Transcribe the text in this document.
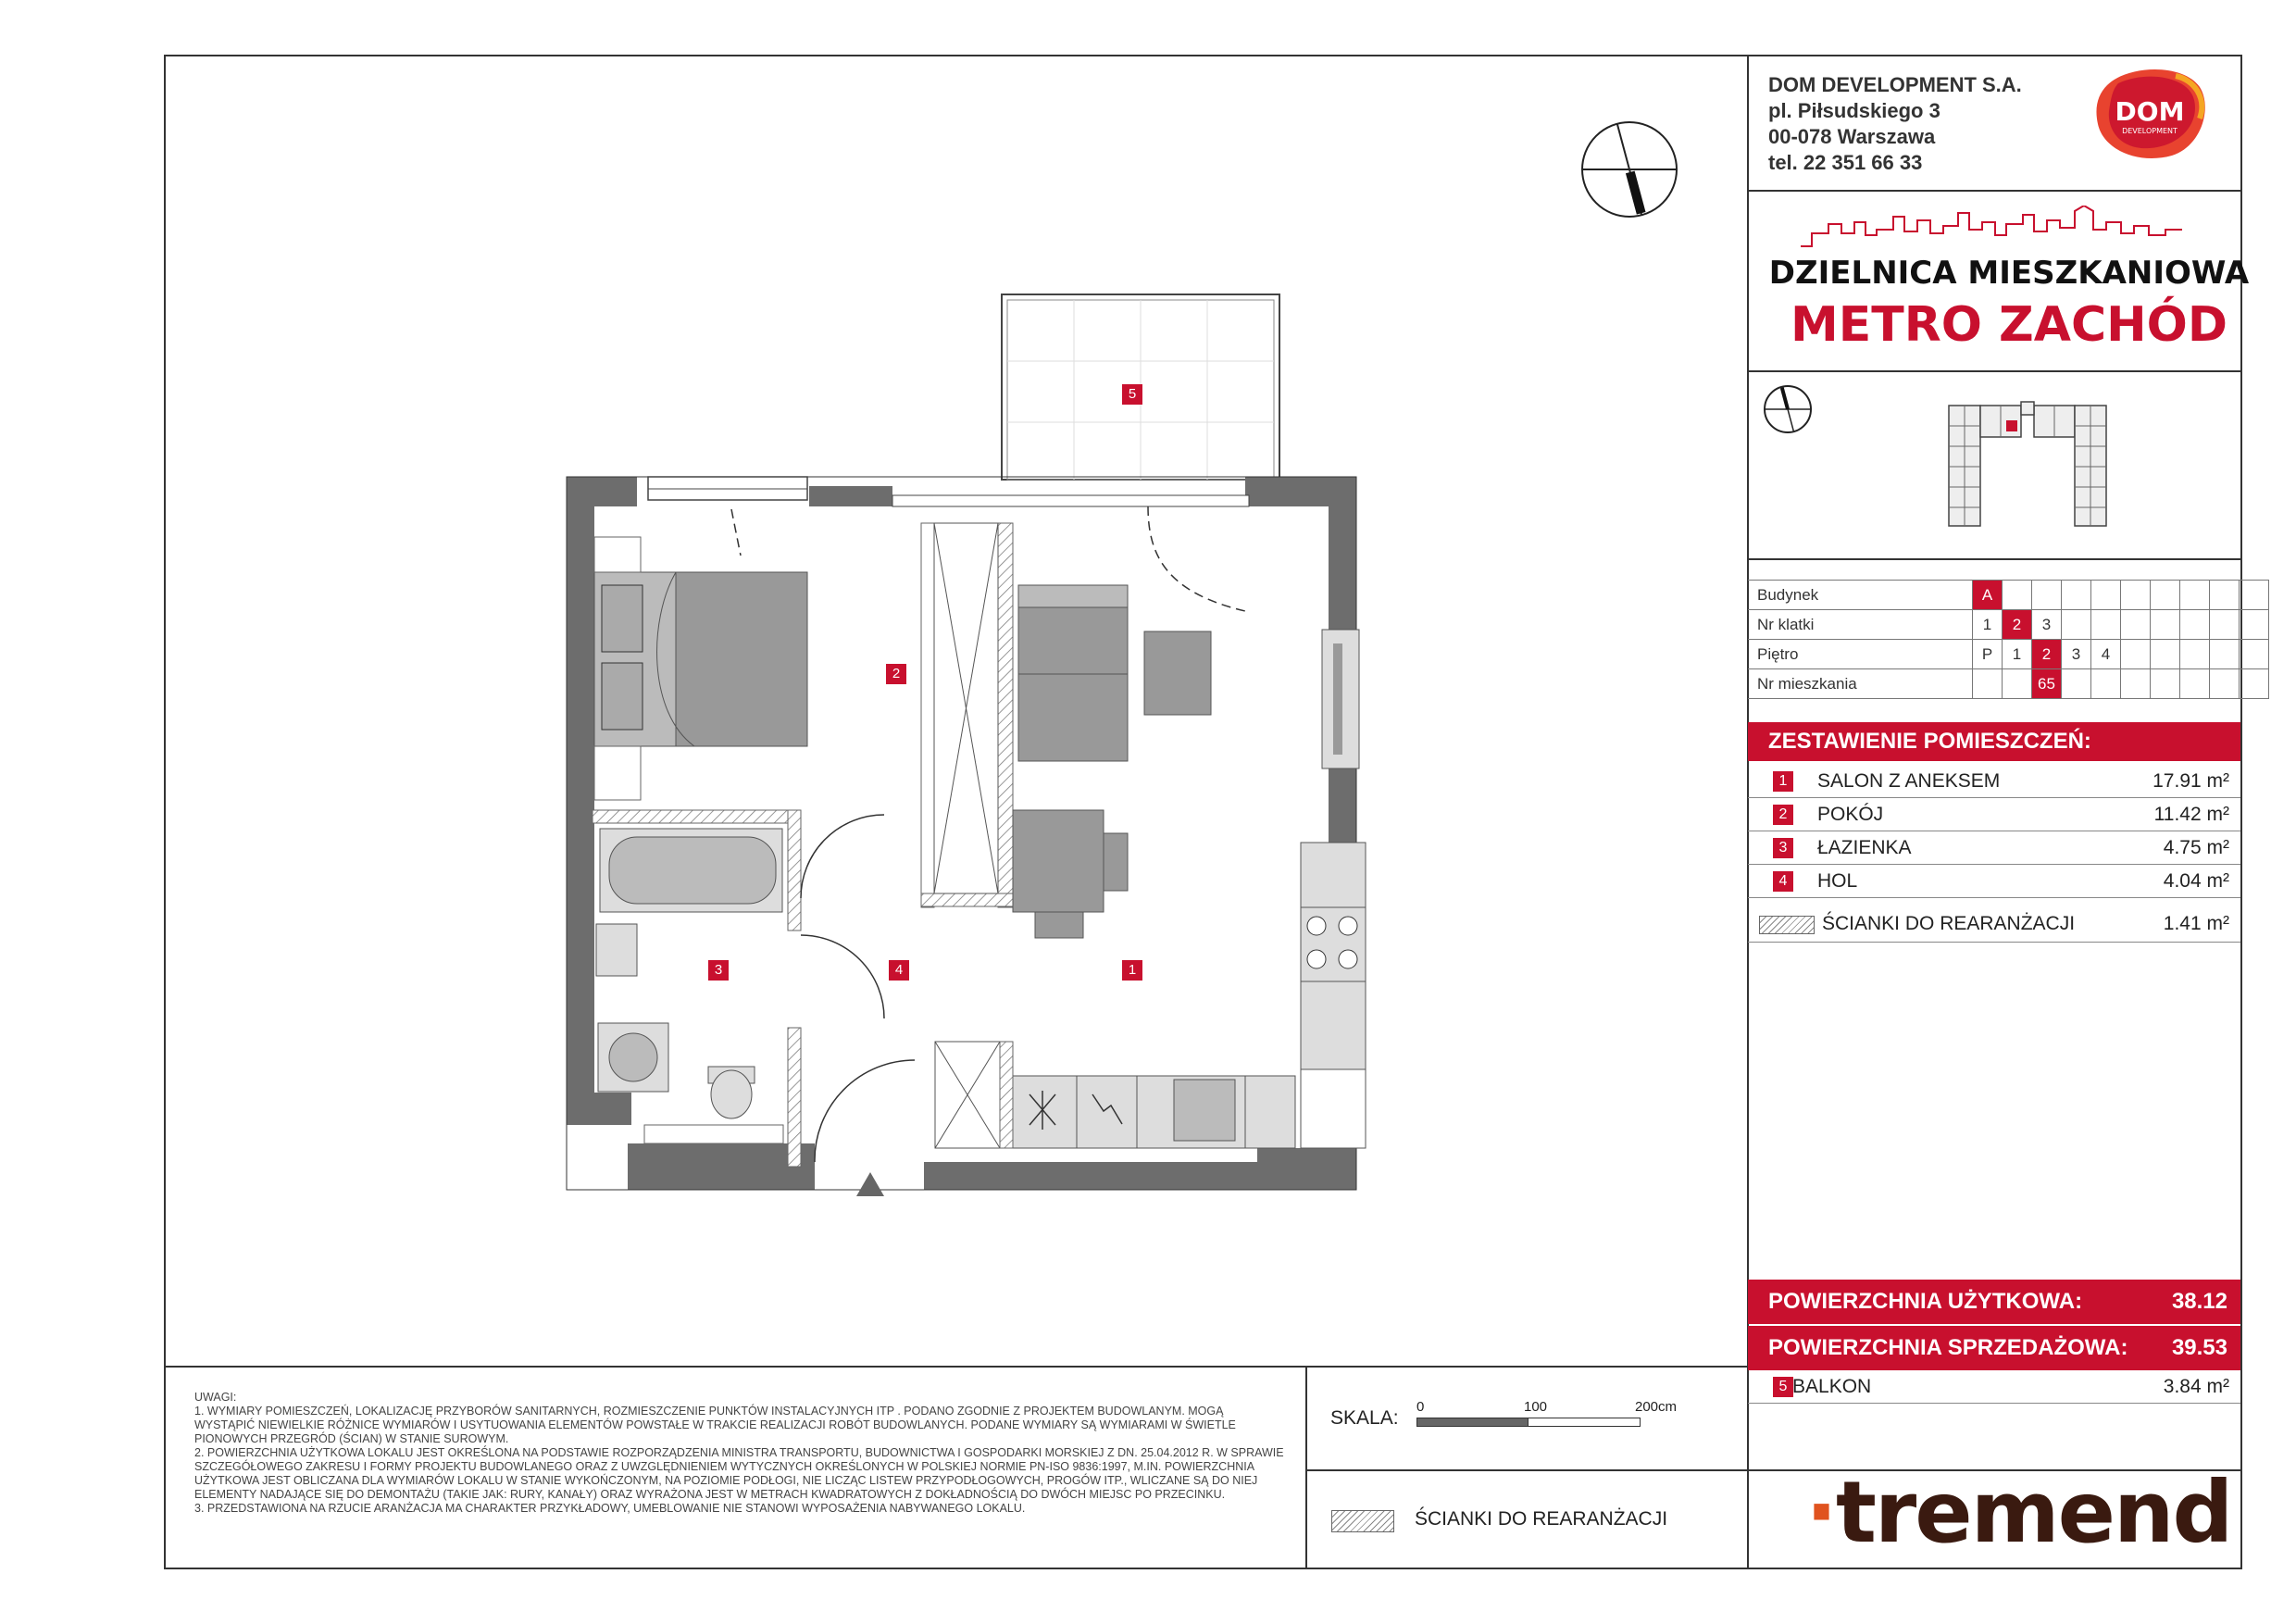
DOM DEVELOPMENT S.A.
pl. Piłsudskiego 3
00-078 Warszawa
tel. 22 351 66 33
DOM
DEVELOPMENT
DZIELNICA MIESZKANIOWA
METRO ZACHÓD
Budynek	A									
Nr klatki	1	2	3							
Piętro	P	1	2	3	4					
Nr mieszkania			65							
ZESTAWIENIE POMIESZCZEŃ:
1	SALON Z ANEKSEM	17.91 m²
2	POKÓJ	11.42 m²
3	ŁAZIENKA	4.75 m²
4	HOL	4.04 m²
ŚCIANKI DO REARANŻACJI	1.41 m²
POWIERZCHNIA UŻYTKOWA:	38.12
POWIERZCHNIA SPRZEDAŻOWA: 39.53
5 BALKON	3.84 m²

UWAGI:

1. WYMIARY POMIESZCZEŃ, LOKALIZACJĘ PRZYBORÓW SANITARNYCH, ROZMIESZCZENIE PUNKTÓW INSTALACYJNYCH ITP . PODANO ZGODNIE Z PROJEKTEM BUDOWLANYM. MOGĄ WYSTĄPIĆ NIEWIELKIE RÓŻNICE WYMIARÓW I USYTUOWANIA ELEMENTÓW POWSTAŁE W TRAKCIE REALIZACJI ROBÓT BUDOWLANYCH. PODANE WYMIARY SĄ WYMIARAMI W ŚWIETLE PIONOWYCH PRZEGRÓD (ŚCIAN) W STANIE SUROWYM.

2. POWIERZCHNIA UŻYTKOWA LOKALU JEST OKREŚLONA NA PODSTAWIE ROZPORZĄDZENIA MINISTRA TRANSPORTU, BUDOWNICTWA I GOSPODARKI MORSKIEJ Z DN. 25.04.2012 R. W SPRAWIE SZCZEGÓŁOWEGO ZAKRESU I FORMY PROJEKTU BUDOWLANEGO ORAZ Z UWZGLĘDNIENIEM WYTYCZNYCH OKREŚLONYCH W POLSKIEJ NORMIE PN-ISO 9836:1997, M.IN. POWIERZCHNIA UŻYTKOWA JEST OBLICZANA DLA WYMIARÓW LOKALU W STANIE WYKOŃCZONYM, NA POZIOMIE PODŁOGI, NIE LICZĄC LISTEW PRZYPODŁOGOWYCH, PROGÓW ITP., WLICZANE SĄ DO NIEJ ELEMENTY NADAJĄCE SIĘ DO DEMONTAŻU (TAKIE JAK: RURY, KANAŁY) ORAZ WYRAŻONA JEST W METRACH KWADRATOWYCH Z DOKŁADNOŚCIĄ DO DWÓCH MIEJSC PO PRZECINKU.

3. PRZEDSTAWIONA NA RZUCIE ARANŻACJA MA CHARAKTER PRZYKŁADOWY, UMEBLOWANIE NIE STANOWI WYPOSAŻENIA NABYWANEGO LOKALU.

SKALA:
0	100	200cm
ŚCIANKI DO REARANŻACJI ·tremend
5
2
3	4	1
